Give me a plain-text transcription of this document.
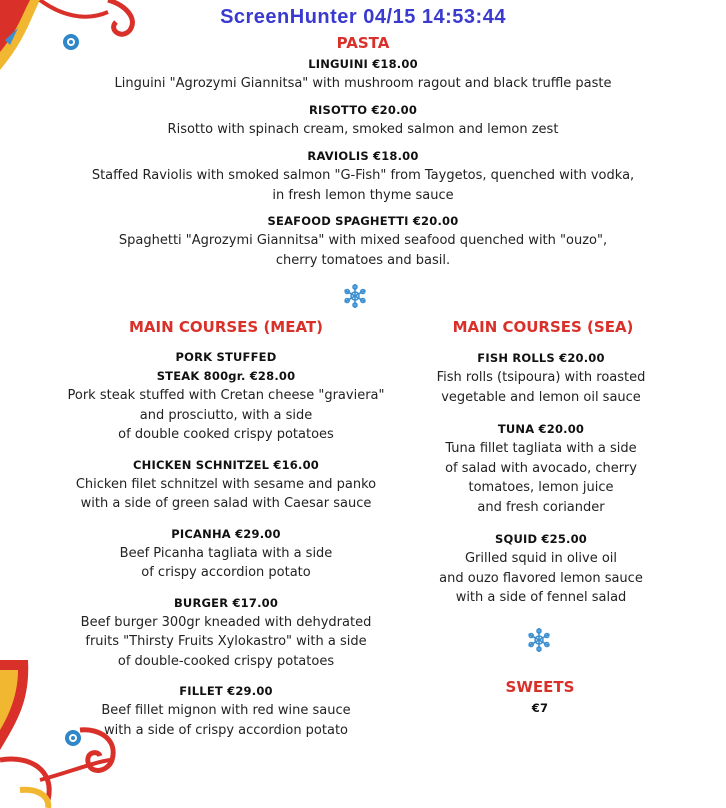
ScreenHunter 04/15 14:53:44
PASTA
LINGUINI €18.00
Linguini "Agrozymi Giannitsa" with mushroom ragout and black truffle paste
RISOTTO €20.00
Risotto with spinach cream, smoked salmon and lemon zest
RAVIOLIS €18.00
Staffed Raviolis with smoked salmon "G-Fish" from Taygetos, quenched with vodka,
in fresh lemon thyme sauce
SEAFOOD SPAGHETTI €20.00
Spaghetti "Agrozymi Giannitsa" with mixed seafood quenched with "ouzo",
cherry tomatoes and basil.
MAIN COURSES (MEAT)
PORK STUFFED
STEAK 800gr. €28.00
Pork steak stuffed with Cretan cheese "graviera"
and prosciutto, with a side
of double cooked crispy potatoes
CHICKEN SCHNITZEL €16.00
Chicken filet schnitzel with sesame and panko
with a side of green salad with Caesar sauce
PICANHA €29.00
Beef Picanha tagliata with a side
of crispy accordion potato
BURGER €17.00
Beef burger 300gr kneaded with dehydrated
fruits "Thirsty Fruits Xylokastro" with a side
of double-cooked crispy potatoes
FILLET €29.00
Beef fillet mignon with red wine sauce
with a side of crispy accordion potato
MAIN COURSES (SEA)
FISH ROLLS €20.00
Fish rolls (tsipoura) with roasted
vegetable and lemon oil sauce
TUNA €20.00
Tuna fillet tagliata with a side
of salad with avocado, cherry
tomatoes, lemon juice
and fresh coriander
SQUID €25.00
Grilled squid in olive oil
and ouzo flavored lemon sauce
with a side of fennel salad
SWEETS
€7
